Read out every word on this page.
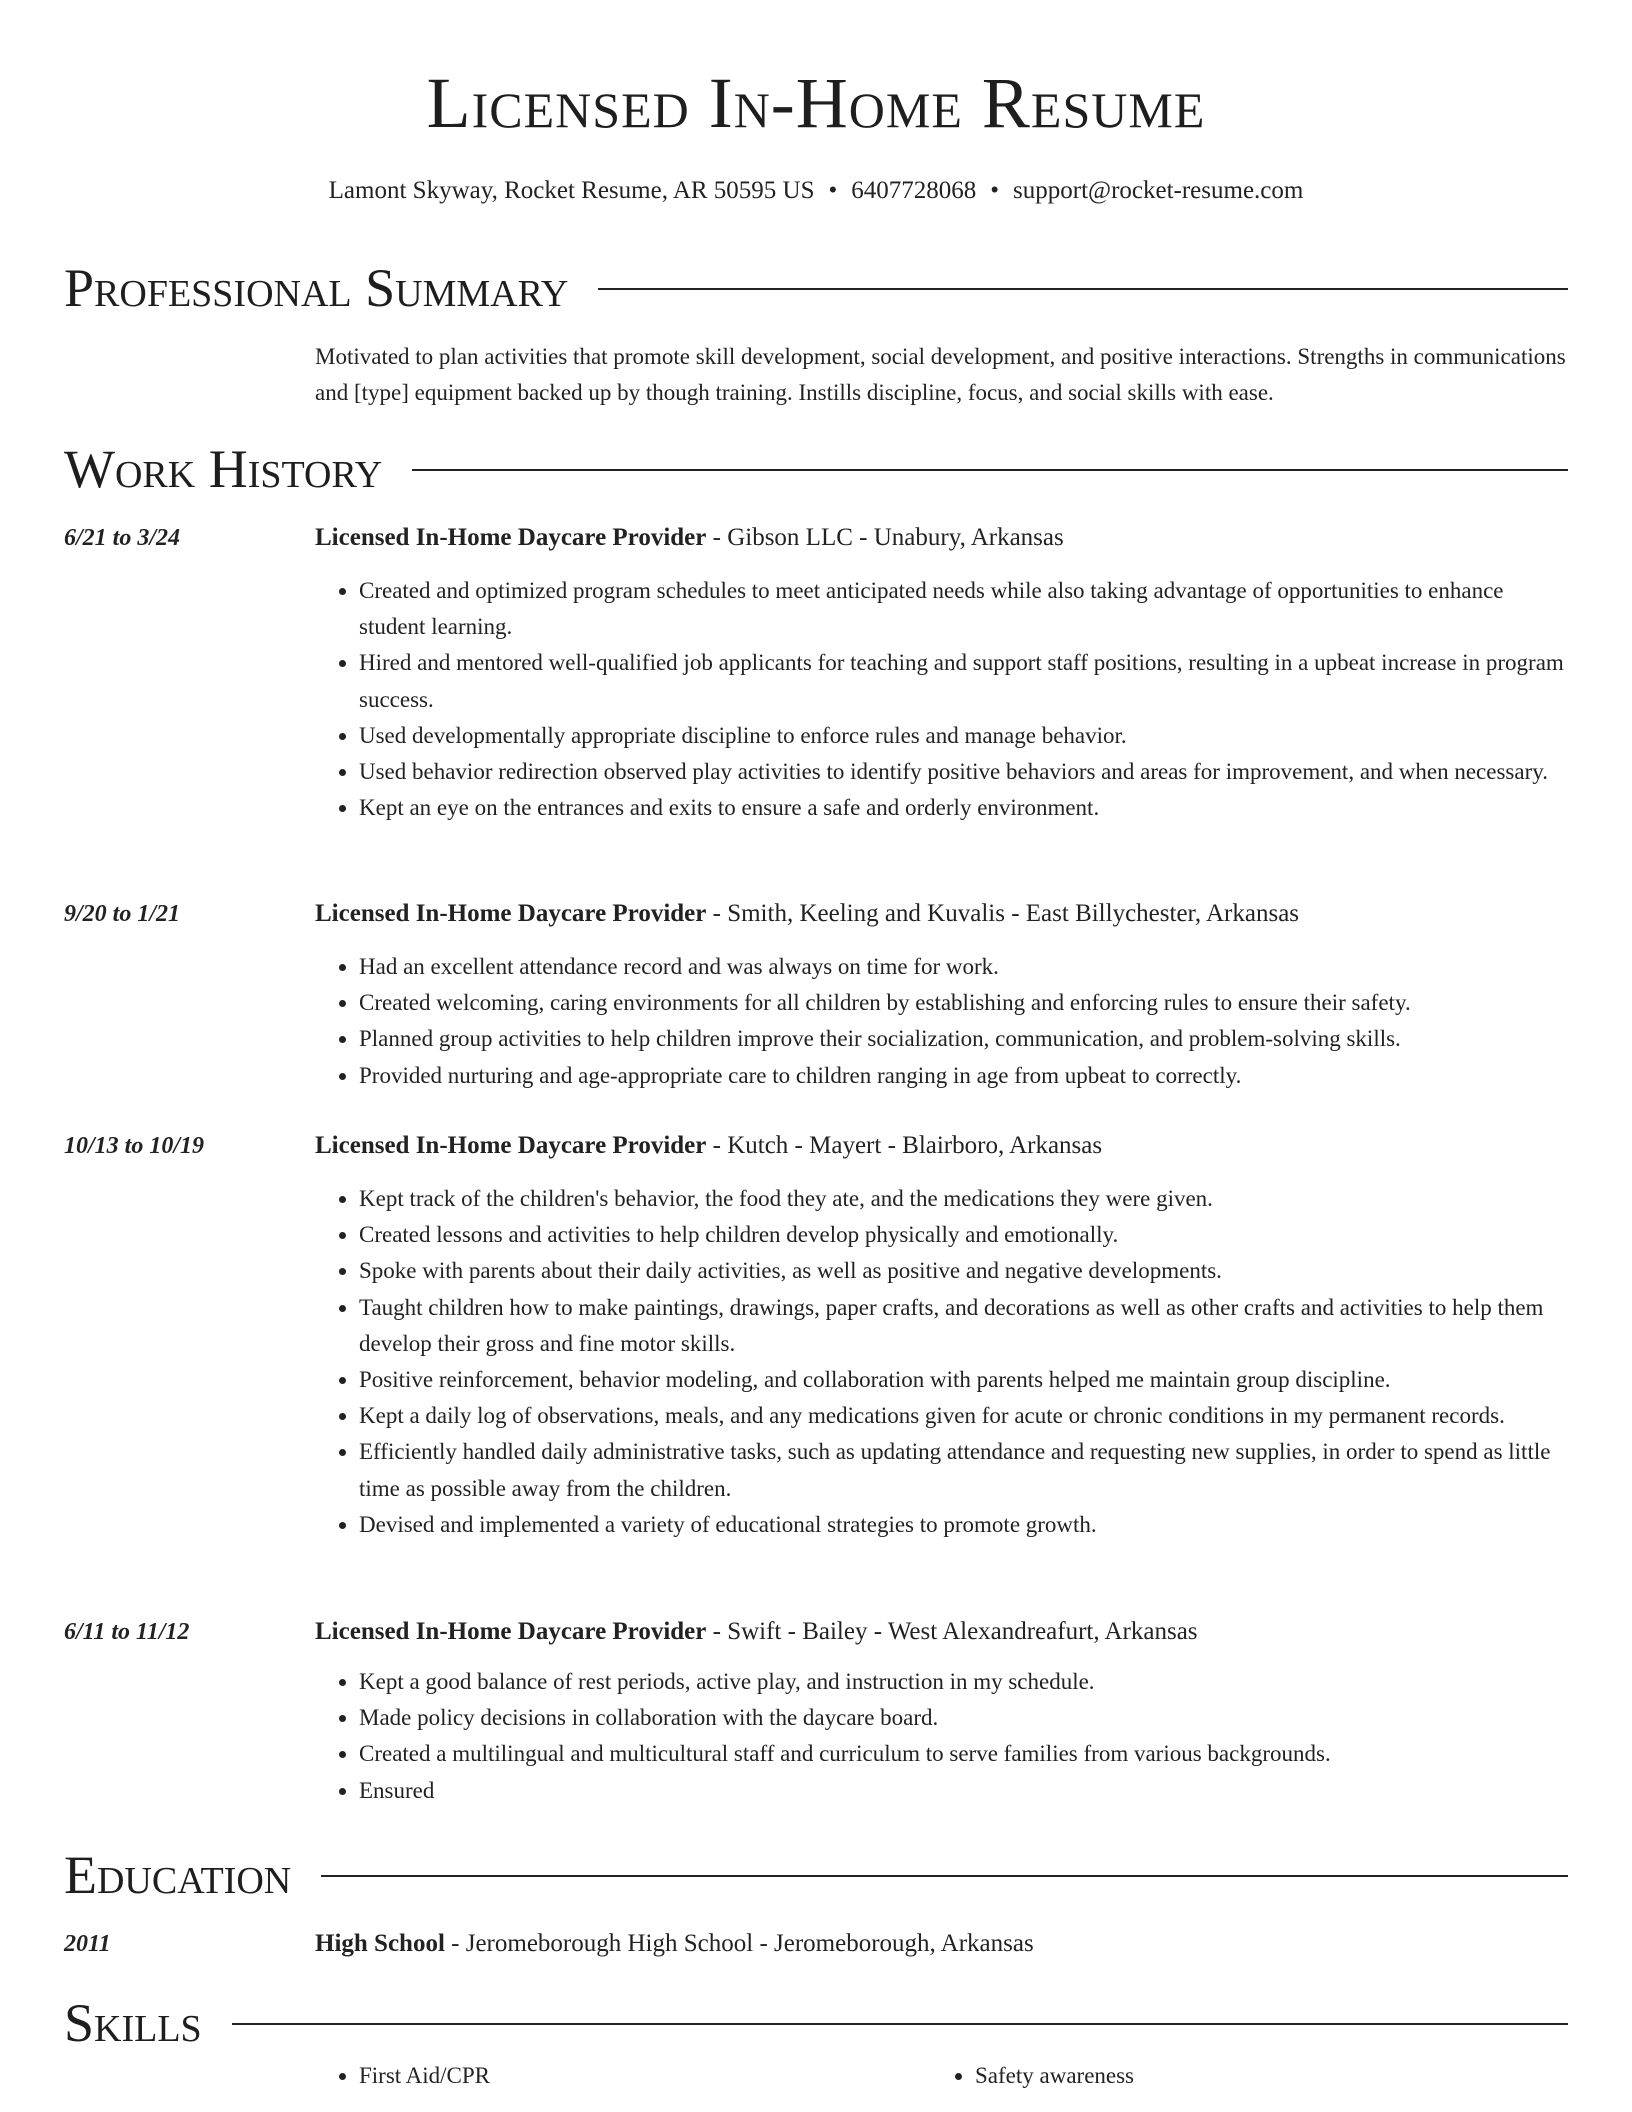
Licensed In-Home Resume
Lamont Skyway, Rocket Resume, AR 50595 US • 6407728068 • support@rocket-resume.com
Professional Summary
Motivated to plan activities that promote skill development, social development, and positive interactions. Strengths in communications and [type] equipment backed up by though training. Instills discipline, focus, and social skills with ease.
Work History
6/21 to 3/24	Licensed In-Home Daycare Provider - Gibson LLC - Unabury, Arkansas
• Created and optimized program schedules to meet anticipated needs while also taking advantage of opportunities to enhance student learning.
• Hired and mentored well-qualified job applicants for teaching and support staff positions, resulting in a upbeat increase in program success.
• Used developmentally appropriate discipline to enforce rules and manage behavior.
• Used behavior redirection observed play activities to identify positive behaviors and areas for improvement, and when necessary.
• Kept an eye on the entrances and exits to ensure a safe and orderly environment.
9/20 to 1/21	Licensed In-Home Daycare Provider - Smith, Keeling and Kuvalis - East Billychester, Arkansas
• Had an excellent attendance record and was always on time for work.
• Created welcoming, caring environments for all children by establishing and enforcing rules to ensure their safety.
• Planned group activities to help children improve their socialization, communication, and problem-solving skills.
• Provided nurturing and age-appropriate care to children ranging in age from upbeat to correctly.
10/13 to 10/19	Licensed In-Home Daycare Provider - Kutch - Mayert - Blairboro, Arkansas
• Kept track of the children's behavior, the food they ate, and the medications they were given.
• Created lessons and activities to help children develop physically and emotionally.
• Spoke with parents about their daily activities, as well as positive and negative developments.
• Taught children how to make paintings, drawings, paper crafts, and decorations as well as other crafts and activities to help them develop their gross and fine motor skills.
• Positive reinforcement, behavior modeling, and collaboration with parents helped me maintain group discipline.
• Kept a daily log of observations, meals, and any medications given for acute or chronic conditions in my permanent records.
• Efficiently handled daily administrative tasks, such as updating attendance and requesting new supplies, in order to spend as little time as possible away from the children.
• Devised and implemented a variety of educational strategies to promote growth.
6/11 to 11/12	Licensed In-Home Daycare Provider - Swift - Bailey - West Alexandreafurt, Arkansas
• Kept a good balance of rest periods, active play, and instruction in my schedule.
• Made policy decisions in collaboration with the daycare board.
• Created a multilingual and multicultural staff and curriculum to serve families from various backgrounds.
• Ensured
Education
2011	High School - Jeromeborough High School - Jeromeborough, Arkansas
Skills
• First Aid/CPR
•	Safety awareness
